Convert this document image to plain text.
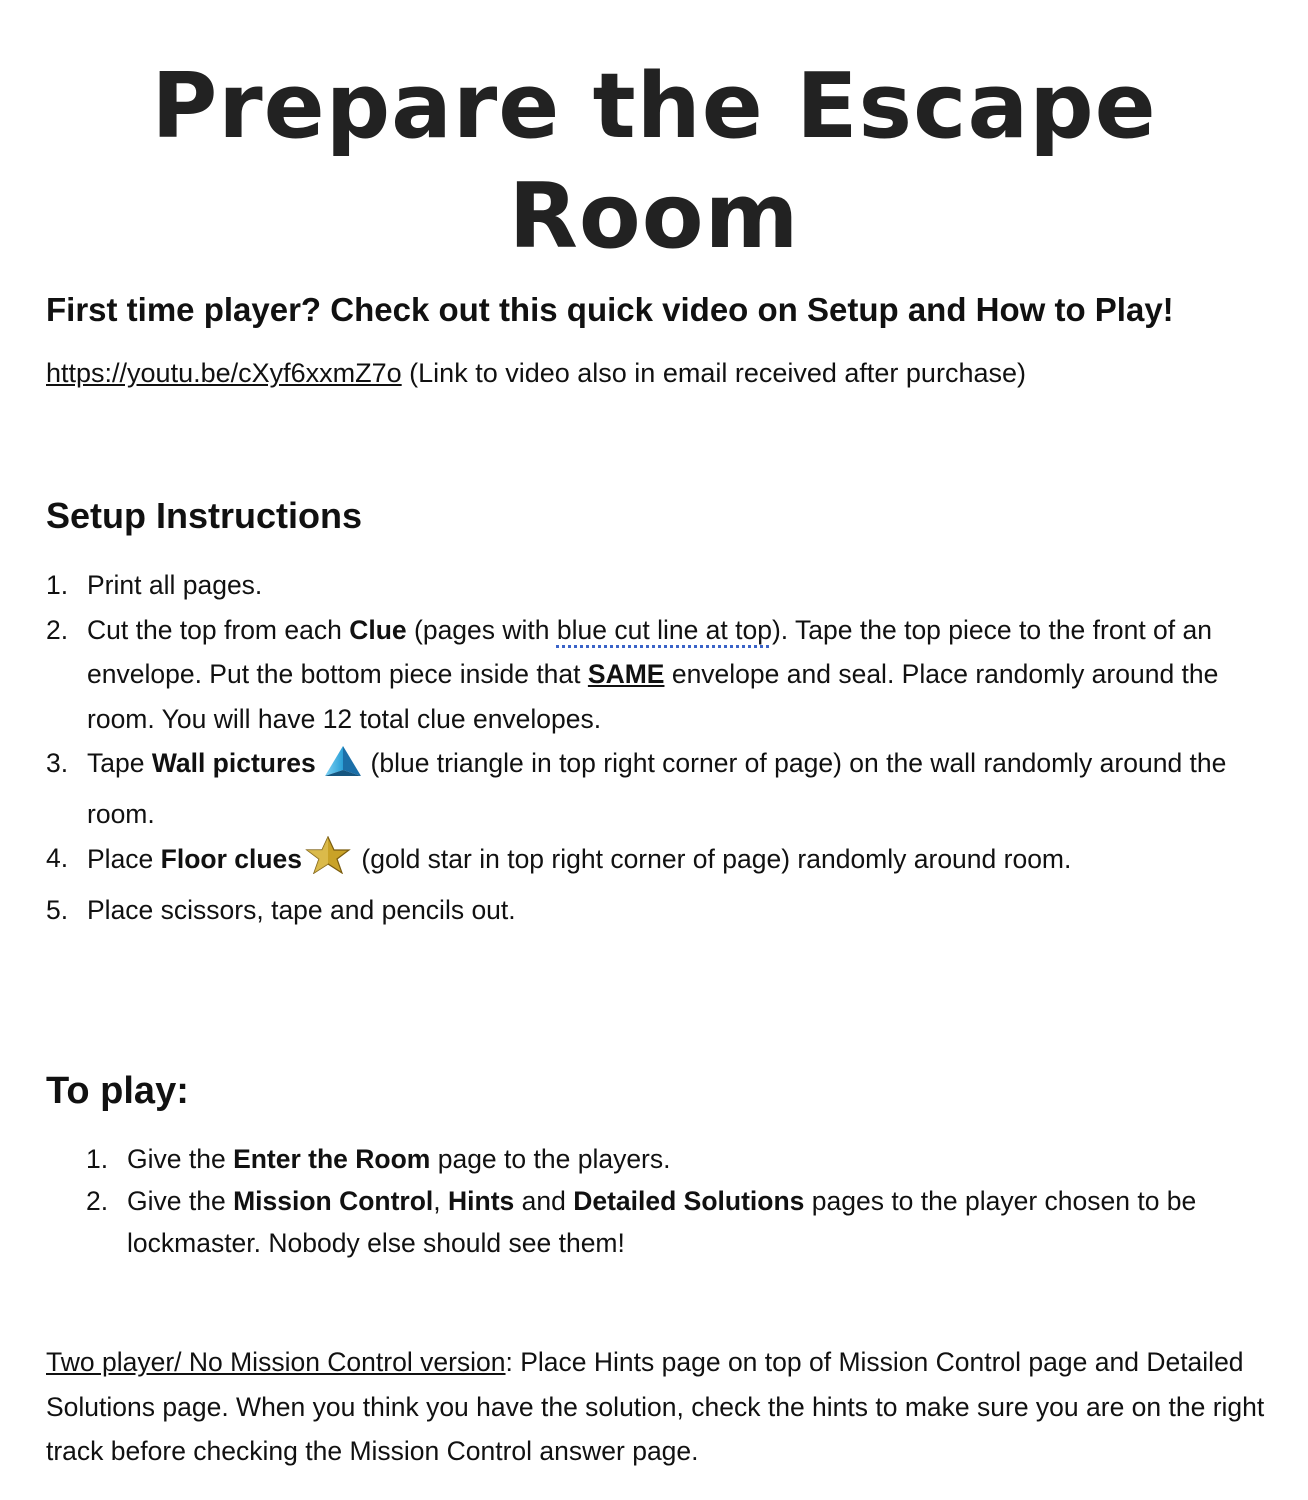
Prepare the Escape Room
First time player? Check out this quick video on Setup and How to Play!
https://youtu.be/cXyf6xxmZ7o (Link to video also in email received after purchase)
Setup Instructions
1. Print all pages.
2. Cut the top from each Clue (pages with blue cut line at top). Tape the top piece to the front of an envelope. Put the bottom piece inside that SAME envelope and seal. Place randomly around the room. You will have 12 total clue envelopes.
3. Tape Wall pictures  (blue triangle in top right corner of page) on the wall randomly around the room.
4. Place Floor clues (gold star in top right corner of page) randomly around room.
5. Place scissors, tape and pencils out.
To play:
1. Give the Enter the Room page to the players.
2. Give the Mission Control, Hints and Detailed Solutions pages to the player chosen to be lockmaster. Nobody else should see them!

Two player/ No Mission Control version: Place Hints page on top of Mission Control page and Detailed Solutions page. When you think you have the solution, check the hints to make sure you are on the right track before checking the Mission Control answer page.
